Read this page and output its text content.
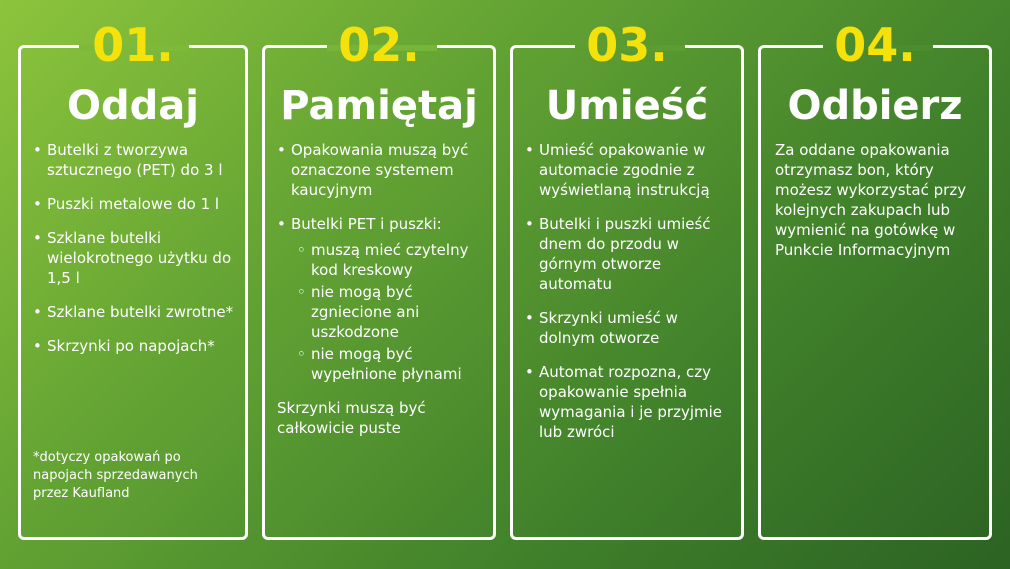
01.
Oddaj
• Butelki z tworzywa sztucznego (PET) do 3 l
• Puszki metalowe do 1 l
• Szklane butelki wielokrotnego użytku do 1,5 l
• Szklane butelki zwrotne*
• Skrzynki po napojach*
*dotyczy opakowań po napojach sprzedawanych przez Kaufland
02.
Pamiętaj
• Opakowania muszą być oznaczone systemem kaucyjnym
• Butelki PET i puszki:
◦ muszą mieć czytelny kod kreskowy
◦ nie mogą być zgniecione ani uszkodzone
◦ nie mogą być wypełnione płynami
Skrzynki muszą być całkowicie puste
03.
Umieść
• Umieść opakowanie w automacie zgodnie z wyświetlaną instrukcją
• Butelki i puszki umieść dnem do przodu w górnym otworze automatu
• Skrzynki umieść w dolnym otworze
• Automat rozpozna, czy opakowanie spełnia wymagania i je przyjmie lub zwróci
04.
Odbierz
Za oddane opakowania otrzymasz bon, który możesz wykorzystać przy kolejnych zakupach lub wymienić na gotówkę w Punkcie Informacyjnym
